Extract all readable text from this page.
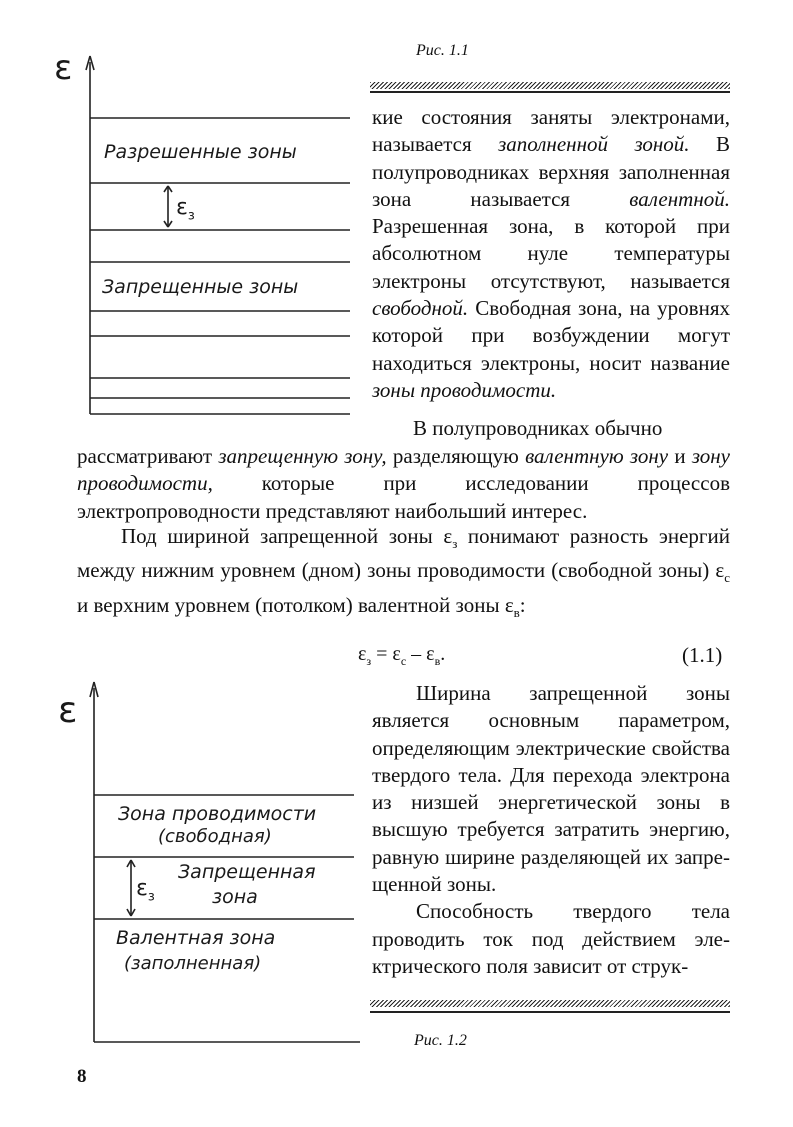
Рис. 1.1
ε
Разрешенные зоны
$\varepsilon_з$
Запрещенные зоны

кие состояния заняты электронами, называется заполненной зоной. В полупроводниках верхняя заполненная зона называется валентной. Разрешенная зона, в которой при абсолютном нуле температуры электроны отсутствуют, называется свободной. Свободная зона, на уровнях которой при возбуждении могут находиться электроны, носит название зоны проводимости.

В полупроводниках обычно

рассматривают запрещенную зону, разделяющую валентную зону и зону проводимости, которые при исследовании процессов электропроводности представляют наибольший интерес.

Под шириной запрещенной зоны $\varepsilon_з$ понимают разность энергий между нижним уровнем (дном) зоны проводимости (свободной зоны) $\varepsilon_c$ и верхним уровнем (потолком) валентной зоны $\varepsilon_в$:

$\varepsilon_з = \varepsilon_c - \varepsilon_в$.	(1.1)
ε
Зона проводимости
(свободная)
Запрещенная
зона
$\varepsilon_з$
Валентная зона
(заполненная)
Рис. 1.2

Ширина запрещенной зоны является основным параметром, определяющим электрические свойства твердого тела. Для перехода электрона из низшей энергетической зоны в высшую требуется затратить энергию, равную ширине разделяющей их запрещенной зоны.

Способность твердого тела проводить ток под действием электрического поля зависит от струк-

8
